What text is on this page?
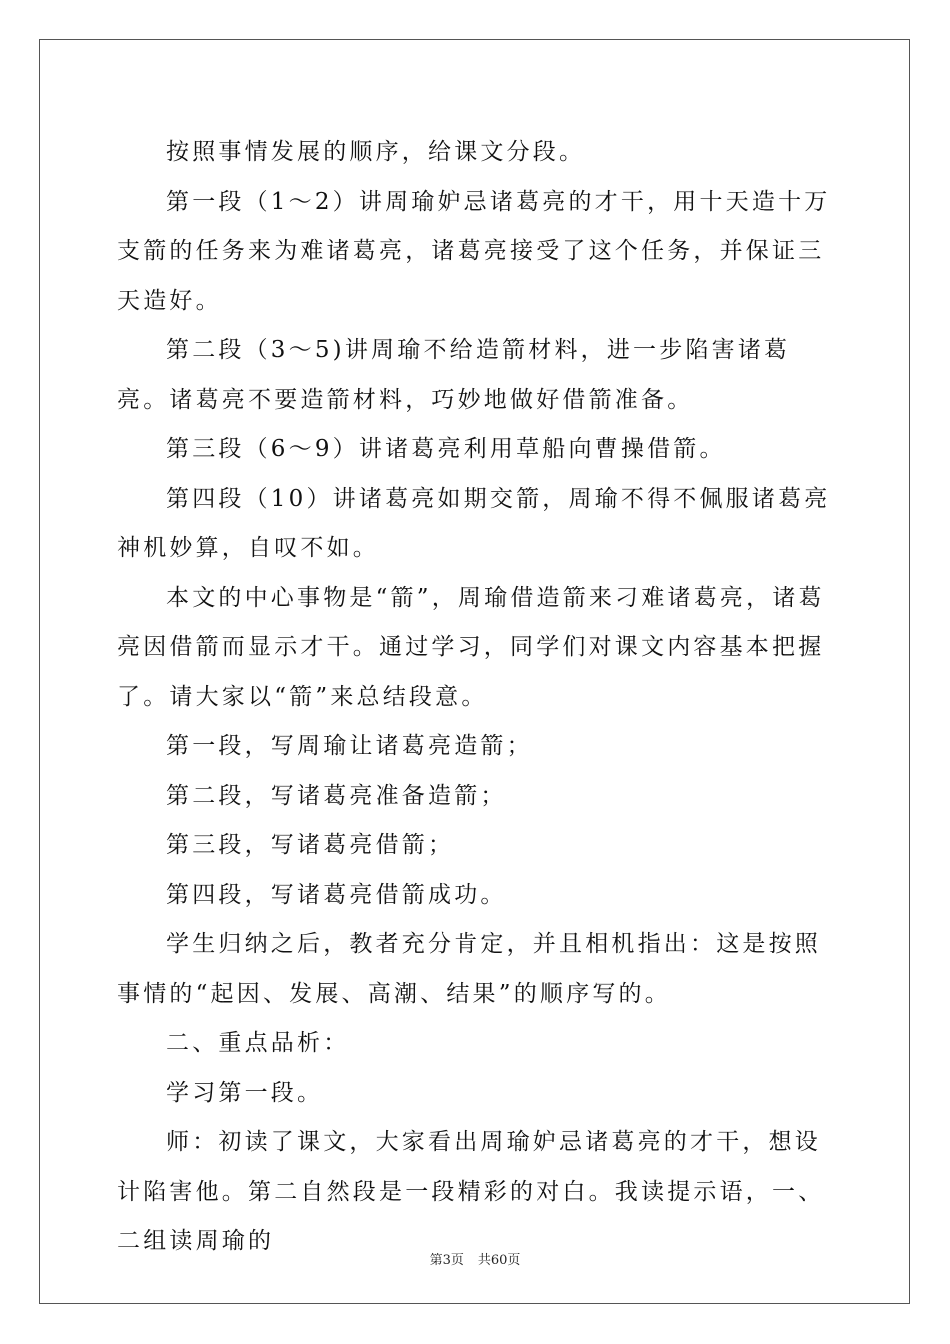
按照事情发展的顺序，给课文分段。

第一段（1～2）讲周瑜妒忌诸葛亮的才干，用十天造十万支箭的任务来为难诸葛亮，诸葛亮接受了这个任务，并保证三天造好。

第二段（3～5)讲周瑜不给造箭材料，进一步陷害诸葛亮。诸葛亮不要造箭材料，巧妙地做好借箭准备。

第三段（6～9）讲诸葛亮利用草船向曹操借箭。

第四段（10）讲诸葛亮如期交箭，周瑜不得不佩服诸葛亮神机妙算，自叹不如。

本文的中心事物是“箭”，周瑜借造箭来刁难诸葛亮，诸葛亮因借箭而显示才干。通过学习，同学们对课文内容基本把握了。请大家以“箭”来总结段意。

第一段，写周瑜让诸葛亮造箭；

第二段，写诸葛亮准备造箭；

第三段，写诸葛亮借箭；

第四段，写诸葛亮借箭成功。

学生归纳之后，教者充分肯定，并且相机指出：这是按照事情的“起因、发展、高潮、结果”的顺序写的。

二、重点品析：

学习第一段。

师：初读了课文，大家看出周瑜妒忌诸葛亮的才干，想设计陷害他。第二自然段是一段精彩的对白。我读提示语，一、二组读周瑜的

第3页 共60页
